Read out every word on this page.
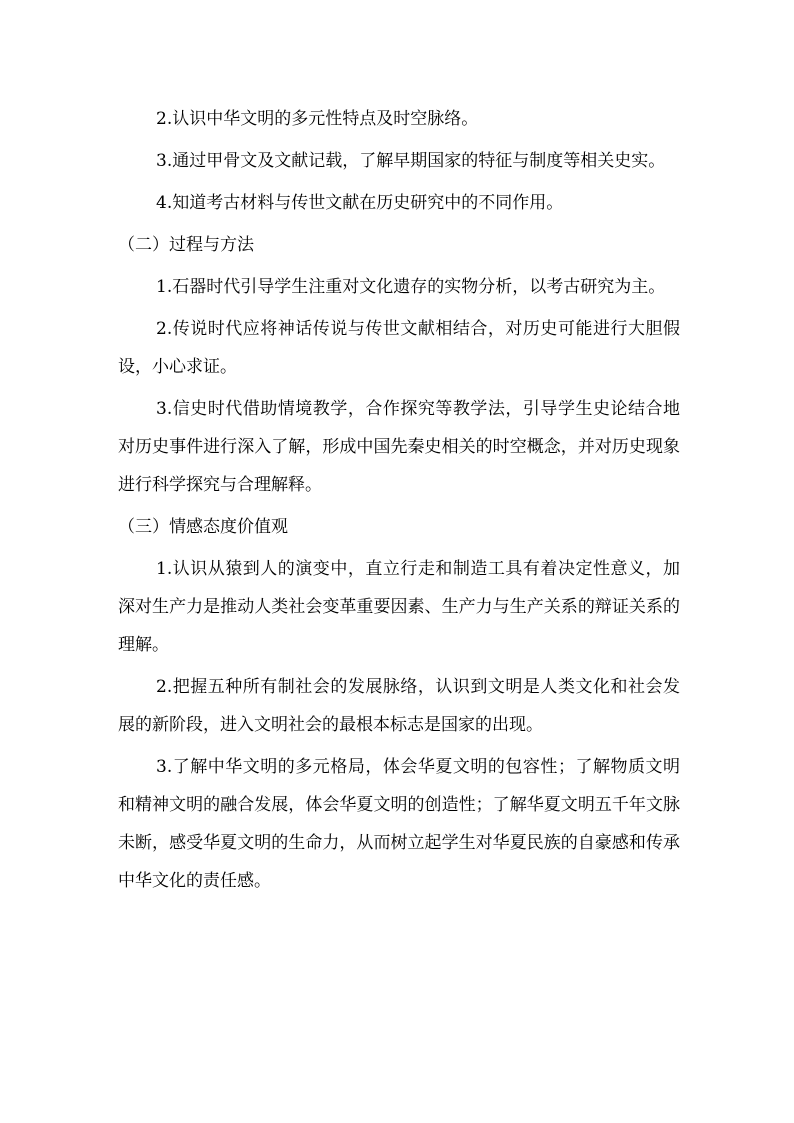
2.认识中华文明的多元性特点及时空脉络。

3.通过甲骨文及文献记载，了解早期国家的特征与制度等相关史实。

4.知道考古材料与传世文献在历史研究中的不同作用。

（二）过程与方法

1.石器时代引导学生注重对文化遗存的实物分析，以考古研究为主。

2.传说时代应将神话传说与传世文献相结合，对历史可能进行大胆假设，小心求证。

3.信史时代借助情境教学，合作探究等教学法，引导学生史论结合地对历史事件进行深入了解，形成中国先秦史相关的时空概念，并对历史现象进行科学探究与合理解释。

（三）情感态度价值观

1.认识从猿到人的演变中，直立行走和制造工具有着决定性意义，加深对生产力是推动人类社会变革重要因素、生产力与生产关系的辩证关系的理解。

2.把握五种所有制社会的发展脉络，认识到文明是人类文化和社会发展的新阶段，进入文明社会的最根本标志是国家的出现。

3.了解中华文明的多元格局，体会华夏文明的包容性；了解物质文明和精神文明的融合发展，体会华夏文明的创造性；了解华夏文明五千年文脉未断，感受华夏文明的生命力，从而树立起学生对华夏民族的自豪感和传承中华文化的责任感。
